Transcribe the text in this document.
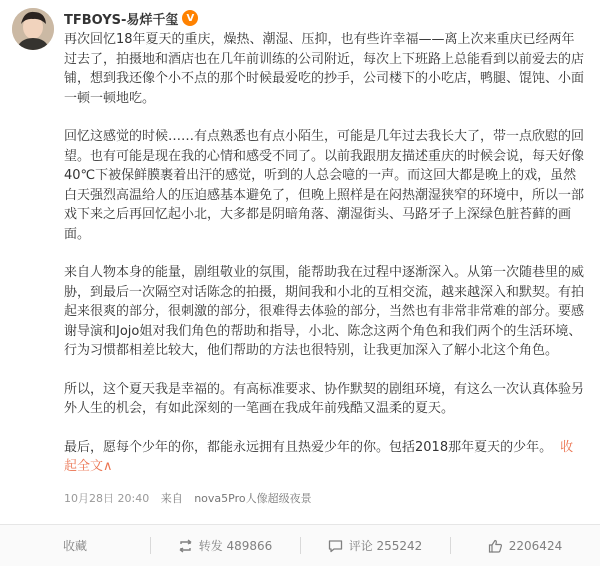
TFBOYS-易烊千玺 V

再次回忆18年夏天的重庆，燥热、潮湿、压抑，也有些许幸福——离上次来重庆已经两年过去了，拍摄地和酒店也在几年前训练的公司附近，每次上下班路上总能看到以前爱去的店铺，想到我还像个小不点的那个时候最爱吃的抄手，公司楼下的小吃店，鸭腿、馄饨、小面一顿一顿地吃。

回忆这感觉的时候……有点熟悉也有点小陌生，可能是几年过去我长大了，带一点欣慰的回望。也有可能是现在我的心情和感受不同了。以前我跟朋友描述重庆的时候会说，每天好像40℃下被保鲜膜裹着出汗的感觉，听到的人总会噫的一声。而这回大都是晚上的戏，虽然白天强烈高温给人的压迫感基本避免了，但晚上照样是在闷热潮湿狭窄的环境中，所以一部戏下来之后再回忆起小北，大多都是阴暗角落、潮湿街头、马路牙子上深绿色脏苔藓的画面。

来自人物本身的能量，剧组敬业的氛围，能帮助我在过程中逐渐深入。从第一次随巷里的威胁，到最后一次隔空对话陈念的拍摄，期间我和小北的互相交流，越来越深入和默契。有拍起来很爽的部分，很刺激的部分，很难得去体验的部分，当然也有非常非常难的部分。要感谢导演和Jojo姐对我们角色的帮助和指导，小北、陈念这两个角色和我们两个的生活环境、行为习惯都相差比较大，他们帮助的方法也很特别，让我更加深入了解小北这个角色。

所以，这个夏天我是幸福的。有高标准要求、协作默契的剧组环境，有这么一次认真体验另外人生的机会，有如此深刻的一笔画在我成年前残酷又温柔的夏天。

最后，愿每个少年的你，都能永远拥有且热爱少年的你。包括2018那年夏天的少年。 收起全文∧

10月28日 20:40 来自 nova5Pro人像超级夜景
收藏	转发 489866	评论 255242	2206424
